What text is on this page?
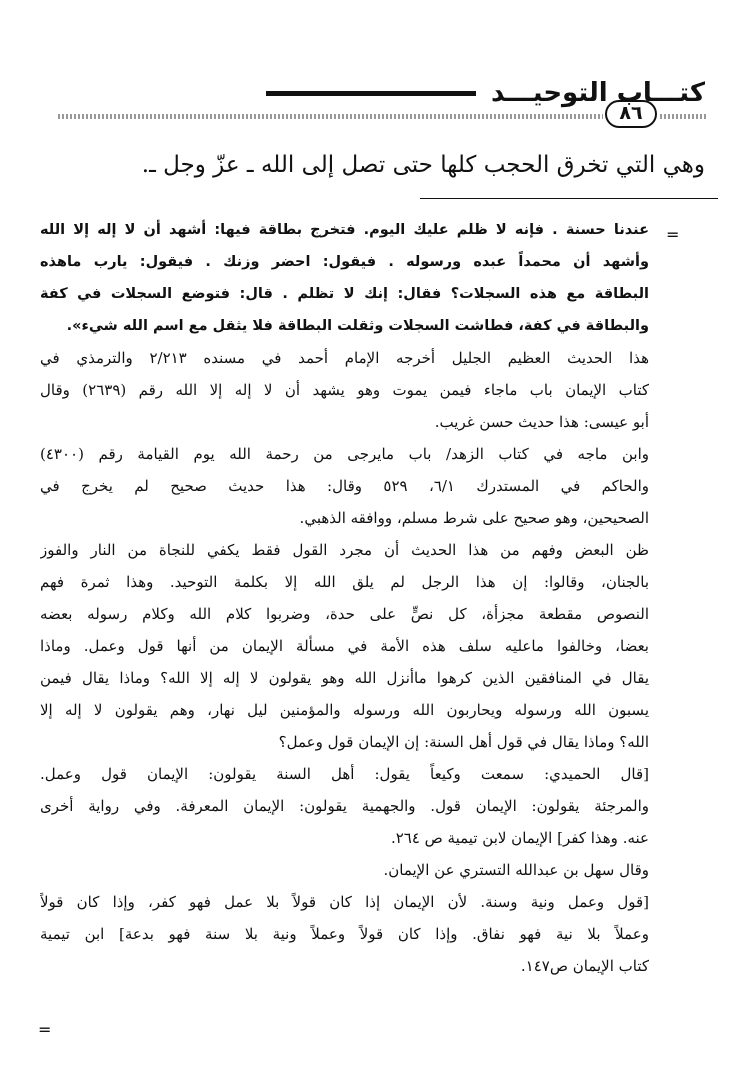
كتـــاب التوحيـــد
٨٦
وهي التي تخرق الحجب كلها حتى تصل إلى الله ـ عزّ وجل ـ.
=
=
عندنا حسنة . فإنه لا ظلم عليك اليوم. فتخرج بطاقة فيها: أشهد أن لا إله إلا الله
وأشهد أن محمداً عبده ورسوله . فيقول: احضر وزنك . فيقول: يارب ماهذه
البطاقة مع هذه السجلات؟ فقال: إنك لا تظلم . قال: فتوضع السجلات في كفة
والبطاقة في كفة، فطاشت السجلات وثقلت البطاقة فلا يثقل مع اسم الله شيء».
هذا الحديث العظيم الجليل أخرجه الإمام أحمد في مسنده ٢/٢١٣ والترمذي في
كتاب الإيمان باب ماجاء فيمن يموت وهو يشهد أن لا إله إلا الله رقم (٢٦٣٩) وقال
أبو عيسى: هذا حديث حسن غريب.
وابن ماجه في كتاب الزهد/ باب مايرجى من رحمة الله يوم القيامة رقم (٤٣٠٠)
والحاكم في المستدرك ٦/١، ٥٢٩ وقال: هذا حديث صحيح لم يخرج في
الصحيحين، وهو صحيح على شرط مسلم، ووافقه الذهبي.
ظن البعض وفهم من هذا الحديث أن مجرد القول فقط يكفي للنجاة من النار والفوز
بالجنان، وقالوا: إن هذا الرجل لم يلق الله إلا بكلمة التوحيد. وهذا ثمرة فهم
النصوص مقطعة مجزأة، كل نصٍّ على حدة، وضربوا كلام الله وكلام رسوله بعضه
بعضا، وخالفوا ماعليه سلف هذه الأمة في مسألة الإيمان من أنها قول وعمل. وماذا
يقال في المنافقين الذين كرهوا ماأنزل الله وهو يقولون لا إله إلا الله؟ وماذا يقال فيمن
يسبون الله ورسوله ويحاربون الله ورسوله والمؤمنين ليل نهار، وهم يقولون لا إله إلا
الله؟ وماذا يقال في قول أهل السنة: إن الإيمان قول وعمل؟
[قال الحميدي: سمعت وكيعاً يقول: أهل السنة يقولون: الإيمان قول وعمل.
والمرجئة يقولون: الإيمان قول. والجهمية يقولون: الإيمان المعرفة. وفي رواية أخرى
عنه. وهذا كفر] الإيمان لابن تيمية ص ٢٦٤.
وقال سهل بن عبدالله التستري عن الإيمان.
[قول وعمل ونية وسنة. لأن الإيمان إذا كان قولاً بلا عمل فهو كفر، وإذا كان قولاً
وعملاً بلا نية فهو نفاق. وإذا كان قولاً وعملاً ونية بلا سنة فهو بدعة] ابن تيمية
كتاب الإيمان ص١٤٧.
